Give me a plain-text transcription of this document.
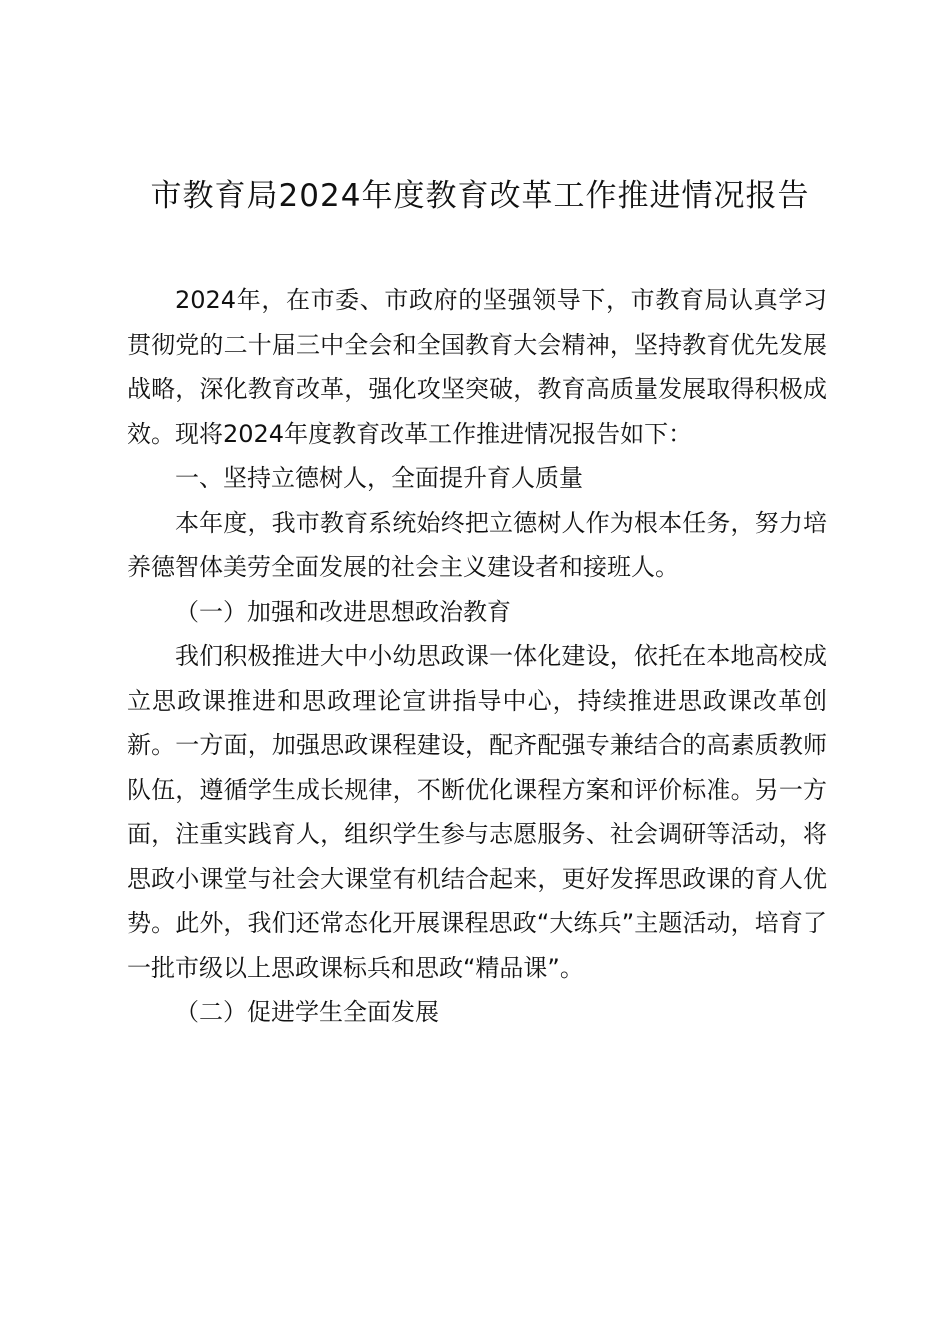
市教育局2024年度教育改革工作推进情况报告

2024年，在市委、市政府的坚强领导下，市教育局认真学习贯彻党的二十届三中全会和全国教育大会精神，坚持教育优先发展战略，深化教育改革，强化攻坚突破，教育高质量发展取得积极成效。现将2024年度教育改革工作推进情况报告如下：

一、坚持立德树人，全面提升育人质量

本年度，我市教育系统始终把立德树人作为根本任务，努力培养德智体美劳全面发展的社会主义建设者和接班人。

（一）加强和改进思想政治教育

我们积极推进大中小幼思政课一体化建设，依托在本地高校成立思政课推进和思政理论宣讲指导中心，持续推进思政课改革创新。一方面，加强思政课程建设，配齐配强专兼结合的高素质教师队伍，遵循学生成长规律，不断优化课程方案和评价标准。另一方面，注重实践育人，组织学生参与志愿服务、社会调研等活动，将思政小课堂与社会大课堂有机结合起来，更好发挥思政课的育人优势。此外，我们还常态化开展课程思政“大练兵”主题活动，培育了一批市级以上思政课标兵和思政“精品课”。

（二）促进学生全面发展
